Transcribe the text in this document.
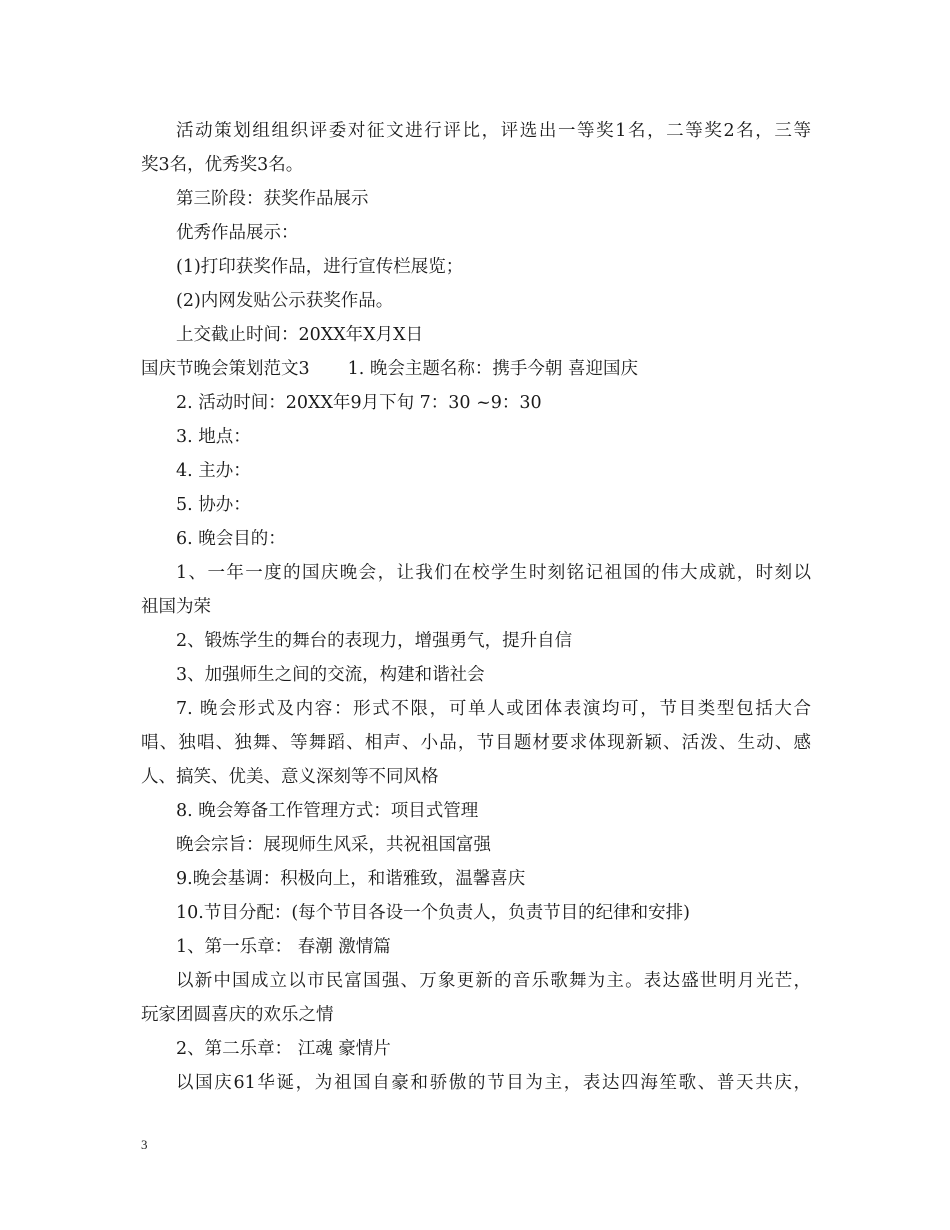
活动策划组组织评委对征文进行评比，评选出一等奖1名，二等奖2名，三等
奖3名，优秀奖3名。
第三阶段：获奖作品展示
优秀作品展示：
(1)打印获奖作品，进行宣传栏展览；
(2)内网发贴公示获奖作品。
上交截止时间：20XX年X月X日
国庆节晚会策划范文3 1. 晚会主题名称：携手今朝 喜迎国庆
2. 活动时间：20XX年9月下旬 7：30 ~9：30
3. 地点：
4. 主办：
5. 协办：
6. 晚会目的：
1、一年一度的国庆晚会，让我们在校学生时刻铭记祖国的伟大成就，时刻以
祖国为荣
2、锻炼学生的舞台的表现力，增强勇气，提升自信
3、加强师生之间的交流，构建和谐社会
7. 晚会形式及内容：形式不限，可单人或团体表演均可，节目类型包括大合
唱、独唱、独舞、等舞蹈、相声、小品，节目题材要求体现新颖、活泼、生动、感
人、搞笑、优美、意义深刻等不同风格
8. 晚会筹备工作管理方式：项目式管理
晚会宗旨：展现师生风采，共祝祖国富强
9.晚会基调：积极向上，和谐雅致，温馨喜庆
10.节目分配：(每个节目各设一个负责人，负责节目的纪律和安排)
1、第一乐章： 春潮 激情篇
以新中国成立以市民富国强、万象更新的音乐歌舞为主。表达盛世明月光芒，
玩家团圆喜庆的欢乐之情
2、第二乐章： 江魂 豪情片
以国庆61华诞，为祖国自豪和骄傲的节目为主，表达四海笙歌、普天共庆，
3
